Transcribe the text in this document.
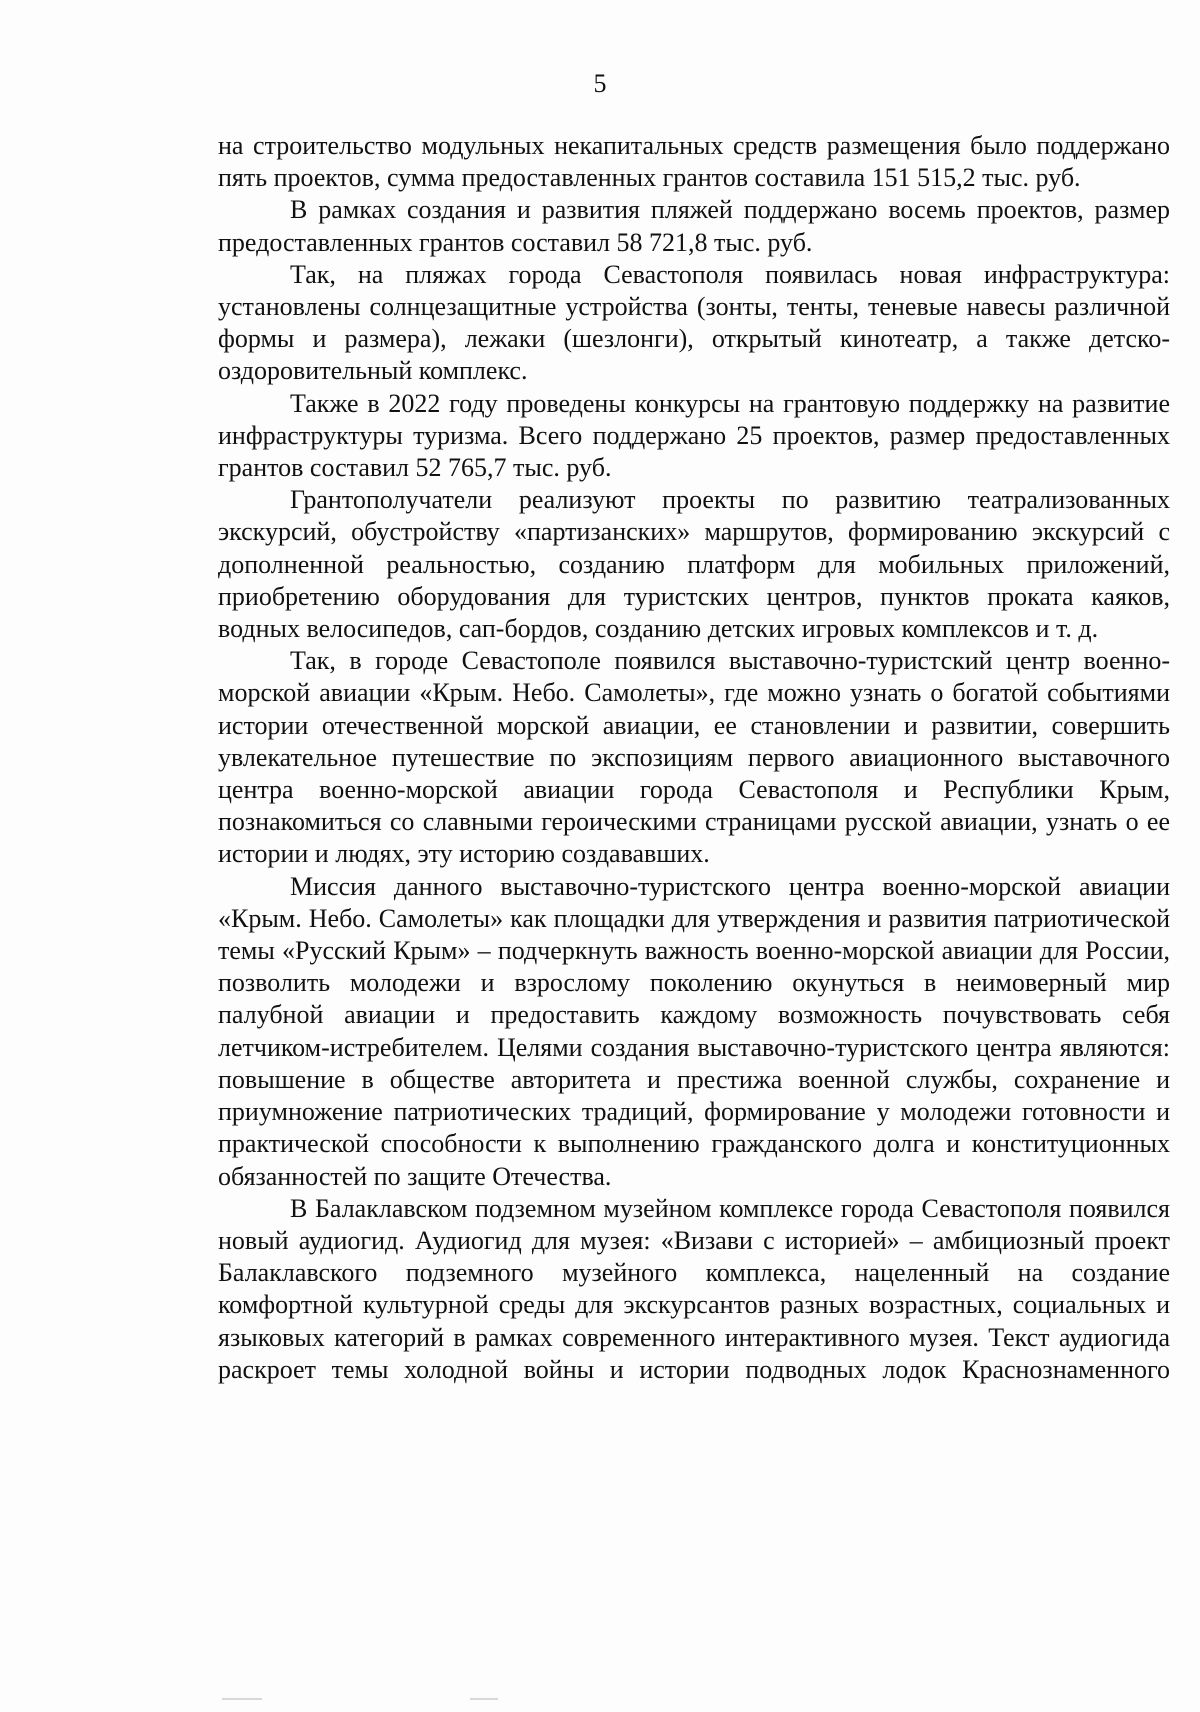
5

на строительство модульных некапитальных средств размещения было поддержано пять проектов, сумма предоставленных грантов составила 151 515,2 тыс. руб.

В рамках создания и развития пляжей поддержано восемь проектов, размер предоставленных грантов составил 58 721,8 тыс. руб.

Так, на пляжах города Севастополя появилась новая инфраструктура: установлены солнцезащитные устройства (зонты, тенты, теневые навесы различной формы и размера), лежаки (шезлонги), открытый кинотеатр, а также детско-оздоровительный комплекс.

Также в 2022 году проведены конкурсы на грантовую поддержку на развитие инфраструктуры туризма. Всего поддержано 25 проектов, размер предоставленных грантов составил 52 765,7 тыс. руб.

Грантополучатели реализуют проекты по развитию театрализованных экскурсий, обустройству «партизанских» маршрутов, формированию экскурсий с дополненной реальностью, созданию платформ для мобильных приложений, приобретению оборудования для туристских центров, пунктов проката каяков, водных велосипедов, сап-бордов, созданию детских игровых комплексов и т. д.

Так, в городе Севастополе появился выставочно-туристский центр военно-морской авиации «Крым. Небо. Самолеты», где можно узнать о богатой событиями истории отечественной морской авиации, ее становлении и развитии, совершить увлекательное путешествие по экспозициям первого авиационного выставочного центра военно-морской авиации города Севастополя и Республики Крым, познакомиться со славными героическими страницами русской авиации, узнать о ее истории и людях, эту историю создававших.

Миссия данного выставочно-туристского центра военно-морской авиации «Крым. Небо. Самолеты» как площадки для утверждения и развития патриотической темы «Русский Крым» – подчеркнуть важность военно-морской авиации для России, позволить молодежи и взрослому поколению окунуться в неимоверный мир палубной авиации и предоставить каждому возможность почувствовать себя летчиком-истребителем. Целями создания выставочно-туристского центра являются: повышение в обществе авторитета и престижа военной службы, сохранение и приумножение патриотических традиций, формирование у молодежи готовности и практической способности к выполнению гражданского долга и конституционных обязанностей по защите Отечества.

В Балаклавском подземном музейном комплексе города Севастополя появился новый аудиогид. Аудиогид для музея: «Визави с историей» – амбициозный проект Балаклавского подземного музейного комплекса, нацеленный на создание комфортной культурной среды для экскурсантов разных возрастных, социальных и языковых категорий в рамках современного интерактивного музея. Текст аудиогида раскроет темы холодной войны и истории подводных лодок Краснознаменного
